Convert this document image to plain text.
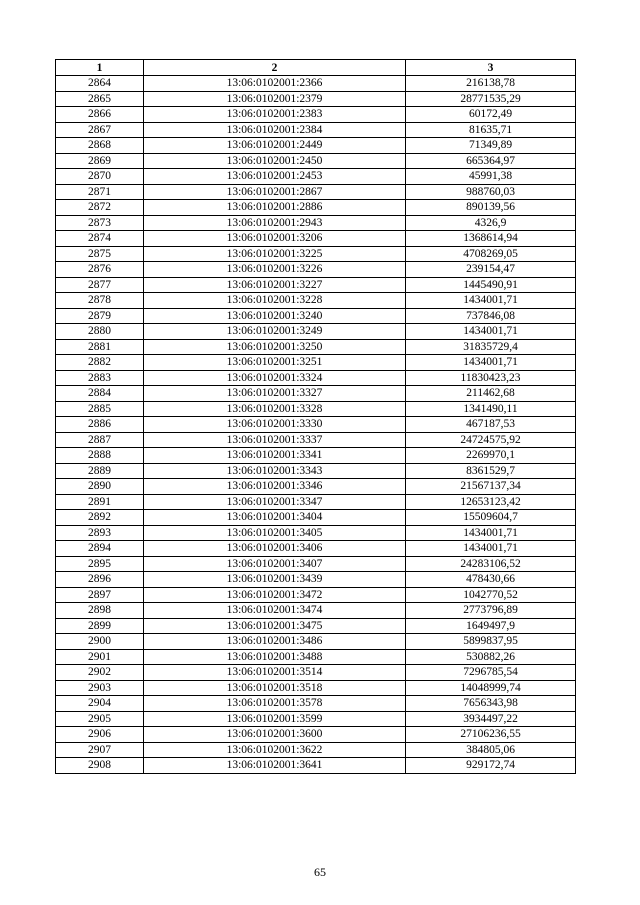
1	2	3
2864	13:06:0102001:2366	216138,78
2865	13:06:0102001:2379	28771535,29
2866	13:06:0102001:2383	60172,49
2867	13:06:0102001:2384	81635,71
2868	13:06:0102001:2449	71349,89
2869	13:06:0102001:2450	665364,97
2870	13:06:0102001:2453	45991,38
2871	13:06:0102001:2867	988760,03
2872	13:06:0102001:2886	890139,56
2873	13:06:0102001:2943	4326,9
2874	13:06:0102001:3206	1368614,94
2875	13:06:0102001:3225	4708269,05
2876	13:06:0102001:3226	239154,47
2877	13:06:0102001:3227	1445490,91
2878	13:06:0102001:3228	1434001,71
2879	13:06:0102001:3240	737846,08
2880	13:06:0102001:3249	1434001,71
2881	13:06:0102001:3250	31835729,4
2882	13:06:0102001:3251	1434001,71
2883	13:06:0102001:3324	11830423,23
2884	13:06:0102001:3327	211462,68
2885	13:06:0102001:3328	1341490,11
2886	13:06:0102001:3330	467187,53
2887	13:06:0102001:3337	24724575,92
2888	13:06:0102001:3341	2269970,1
2889	13:06:0102001:3343	8361529,7
2890	13:06:0102001:3346	21567137,34
2891	13:06:0102001:3347	12653123,42
2892	13:06:0102001:3404	15509604,7
2893	13:06:0102001:3405	1434001,71
2894	13:06:0102001:3406	1434001,71
2895	13:06:0102001:3407	24283106,52
2896	13:06:0102001:3439	478430,66
2897	13:06:0102001:3472	1042770,52
2898	13:06:0102001:3474	2773796,89
2899	13:06:0102001:3475	1649497,9
2900	13:06:0102001:3486	5899837,95
2901	13:06:0102001:3488	530882,26
2902	13:06:0102001:3514	7296785,54
2903	13:06:0102001:3518	14048999,74
2904	13:06:0102001:3578	7656343,98
2905	13:06:0102001:3599	3934497,22
2906	13:06:0102001:3600	27106236,55
2907	13:06:0102001:3622	384805,06
2908	13:06:0102001:3641	929172,74
65
